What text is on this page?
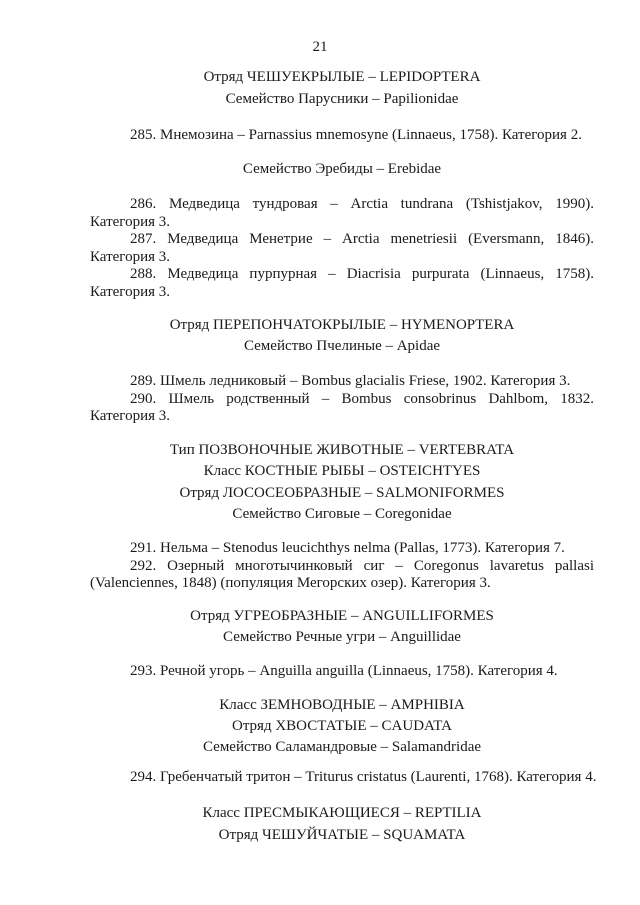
21
Отряд ЧЕШУЕКРЫЛЫЕ – LEPIDOPTERA
Семейство Парусники – Papilionidae
285. Мнемозина – Parnassius mnemosyne (Linnaeus, 1758). Категория 2.
Семейство Эребиды – Erebidae
286. Медведица тундровая – Arctia tundrana (Tshistjakov, 1990).
Категория 3.
287. Медведица Менетрие – Arctia menetriesii (Eversmann, 1846).
Категория 3.
288. Медведица пурпурная – Diacrisia purpurata (Linnaeus, 1758).
Категория 3.
Отряд ПЕРЕПОНЧАТОКРЫЛЫЕ – HYMENOPTERA
Семейство Пчелиные – Apidae
289. Шмель ледниковый – Bombus glacialis Friese, 1902. Категория 3.
290. Шмель родственный – Bombus consobrinus Dahlbom, 1832.
Категория 3.
Тип ПОЗВОНОЧНЫЕ ЖИВОТНЫЕ – VERTEBRATA
Класс КОСТНЫЕ РЫБЫ – OSTEICHTYES
Отряд ЛОСОСЕОБРАЗНЫЕ – SALMONIFORMES
Семейство Сиговые – Coregonidae
291. Нельма – Stenodus leucichthys nelma (Pallas, 1773). Категория 7.
292. Озерный многотычинковый сиг – Coregonus lavaretus pallasi
(Valenciennes, 1848) (популяция Мегорских озер). Категория 3.
Отряд УГРЕОБРАЗНЫЕ – ANGUILLIFORMES
Семейство Речные угри – Anguillidae
293. Речной угорь – Anguilla anguilla (Linnaeus, 1758). Категория 4.
Класс ЗЕМНОВОДНЫЕ – AMPHIBIA
Отряд ХВОСТАТЫЕ – CAUDATA
Семейство Саламандровые – Salamandridae
294. Гребенчатый тритон – Triturus cristatus (Laurenti, 1768). Категория 4.
Класс ПРЕСМЫКАЮЩИЕСЯ – REPTILIA
Отряд ЧЕШУЙЧАТЫЕ – SQUAMATA
